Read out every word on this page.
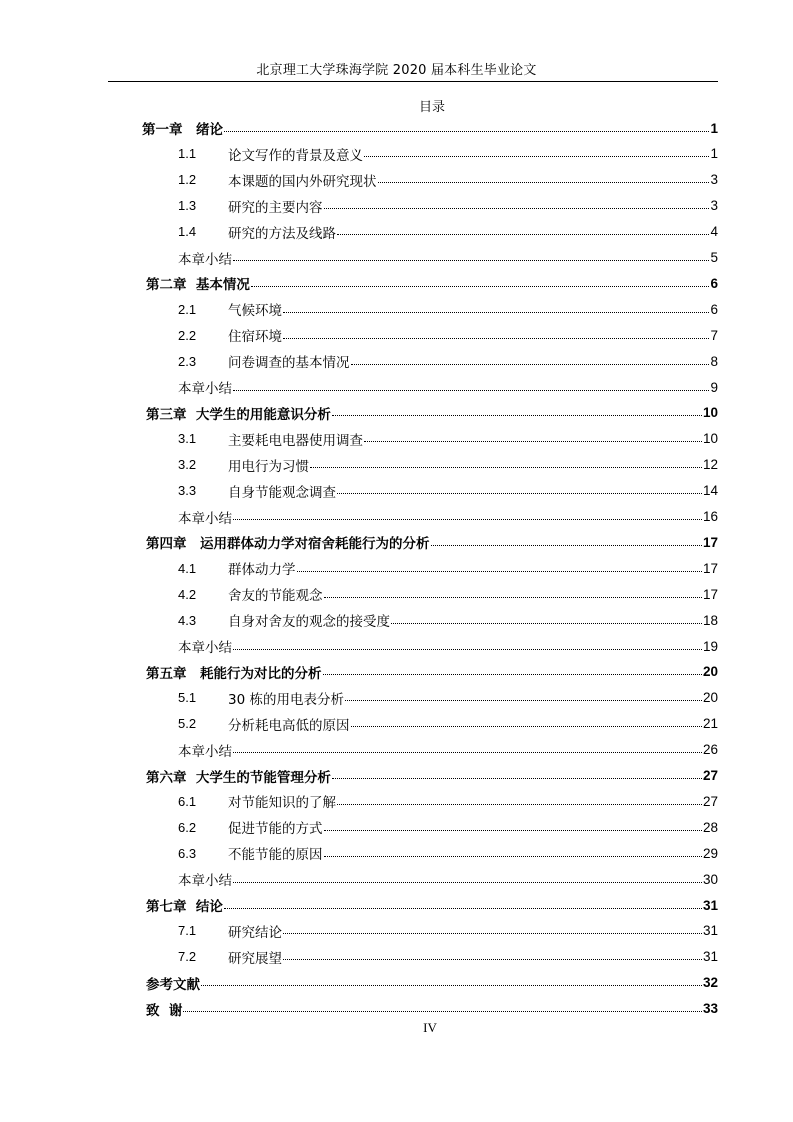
北京理工大学珠海学院 2020 届本科生毕业论文
目录
第一章　绪论	1
1.1	论文写作的背景及意义	1
1.2	本课题的国内外研究现状	3
1.3	研究的主要内容	3
1.4	研究的方法及线路	4
本章小结	5
第二章  基本情况	6
2.1	气候环境	6
2.2	住宿环境	7
2.3	问卷调查的基本情况	8
本章小结	9
第三章  大学生的用能意识分析	10
3.1	主要耗电电器使用调查	10
3.2	用电行为习惯	12
3.3	自身节能观念调查	14
本章小结	16
第四章　运用群体动力学对宿舍耗能行为的分析	17
4.1	群体动力学	17
4.2	舍友的节能观念	17
4.3	自身对舍友的观念的接受度	18
本章小结	19
第五章　耗能行为对比的分析	20
5.1	30 栋的用电表分析	20
5.2	分析耗电高低的原因	21
本章小结	26
第六章  大学生的节能管理分析	27
6.1	对节能知识的了解	27
6.2	促进节能的方式	28
6.3	不能节能的原因	29
本章小结	30
第七章  结论	31
7.1	研究结论	31
7.2	研究展望	31
参考文献	32
致  谢	33
IV
